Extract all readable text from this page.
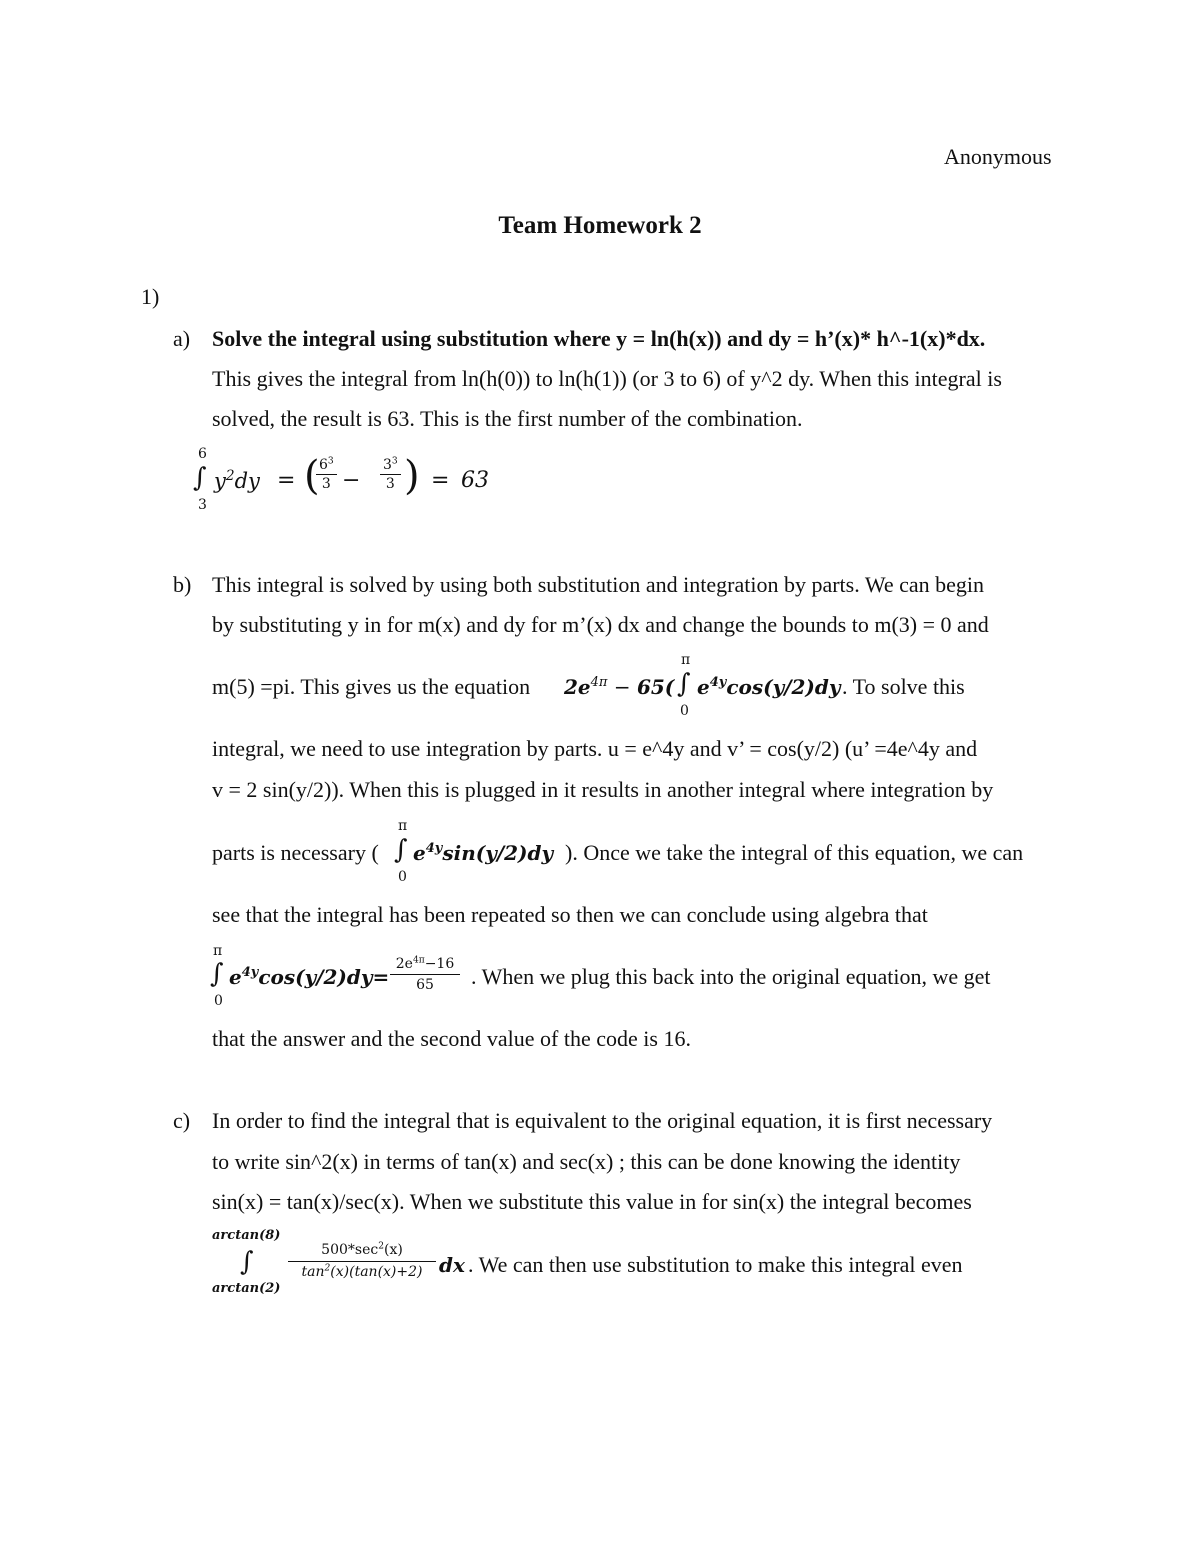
Anonymous
Team Homework 2
1)
a) Solve the integral using substitution where y = ln(h(x)) and dy = h’(x)* h^-1(x)*dx.
This gives the integral from ln(h(0)) to ln(h(1)) (or 3 to 6) of y^2 dy. When this integral is
solved, the result is 63. This is the first number of the combination.
6
∫
3
$y^2dy$ = (
$\frac{6^3}{3} - \frac{3^3}{3}$ ) = 63
b) This integral is solved by using both substitution and integration by parts. We can begin
by substituting y in for m(x) and dy for m’(x) dx and change the bounds to m(3) = 0 and
m(5) =pi. This gives us the equation $2e^{4\pi} - 65$(
π
∫
0
$e^{4y}\cos(y/2)dy$ . To solve this
integral, we need to use integration by parts. u = e^4y and v’ = cos(y/2) (u’ =4e^4y and
v = 2 sin(y/2)). When this is plugged in it results in another integral where integration by
parts is necessary (
π
∫
0
$e^{4y}\sin(y/2)dy$ ). Once we take the integral of this equation, we can
see that the integral has been repeated so then we can conclude using algebra that
π
∫
0
$e^{4y}\cos(y/2)dy= \frac{2e^{4\pi}-16}{65}$ . When we plug this back into the original equation, we get
that the answer and the second value of the code is 16.
c) In order to find the integral that is equivalent to the original equation, it is first necessary
to write sin^2(x) in terms of tan(x) and sec(x) ; this can be done knowing the identity
sin(x) = tan(x)/sec(x). When we substitute this value in for sin(x) the integral becomes
arctan(8)
∫
arctan(2)
$\frac{500*\sec^2(x)}{\tan^2(x)(\tan(x)+2)}$ dx . We can then use substitution to make this integral even
